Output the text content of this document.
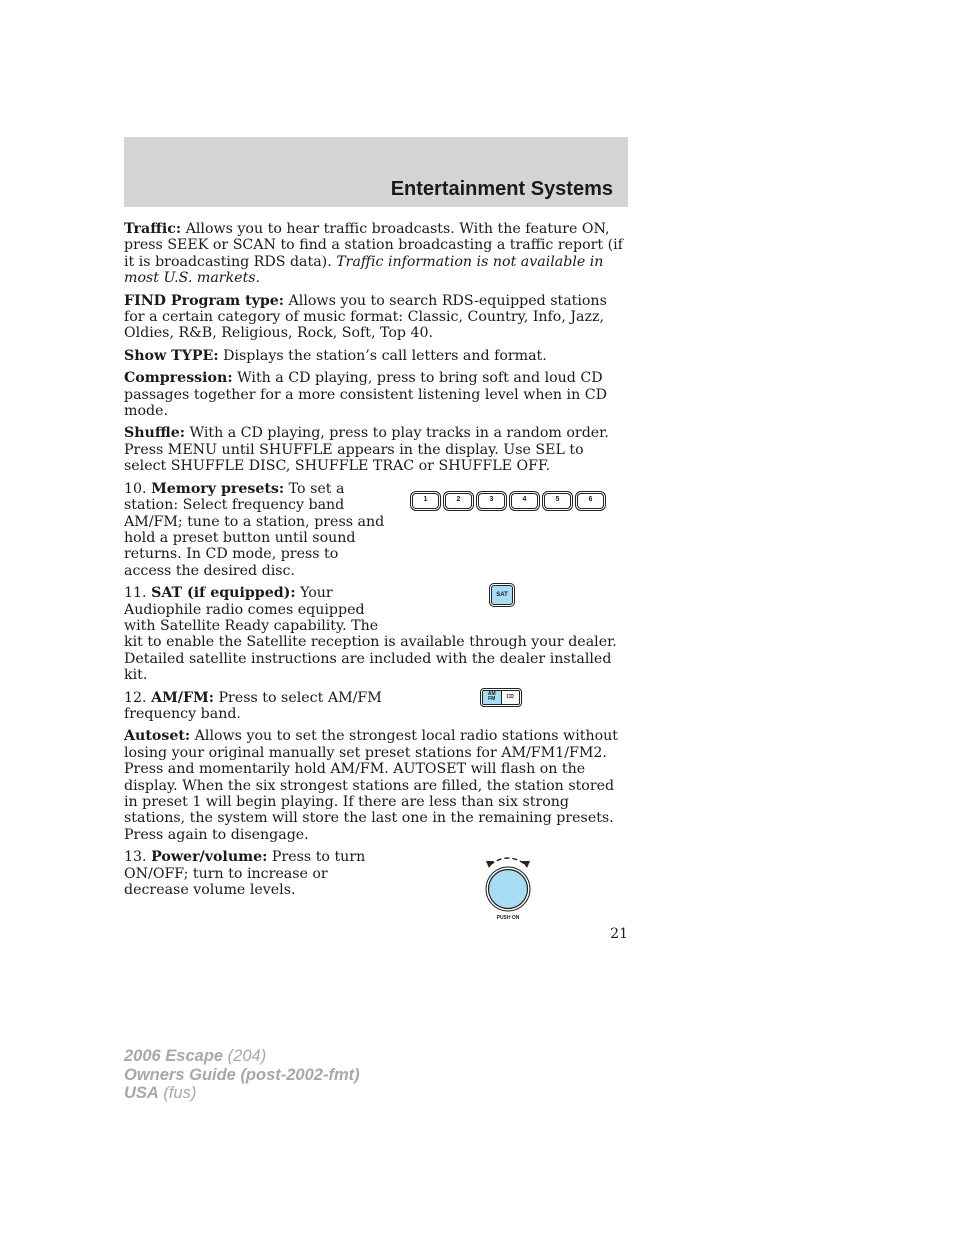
Entertainment Systems

Traffic: Allows you to hear traffic broadcasts. With the feature ON, press SEEK or SCAN to find a station broadcasting a traffic report (if it is broadcasting RDS data). Traffic information is not available in most U.S. markets.

FIND Program type: Allows you to search RDS-equipped stations for a certain category of music format: Classic, Country, Info, Jazz, Oldies, R&B, Religious, Rock, Soft, Top 40.

Show TYPE: Displays the station’s call letters and format.

Compression: With a CD playing, press to bring soft and loud CD passages together for a more consistent listening level when in CD mode.

Shuffle: With a CD playing, press to play tracks in a random order. Press MENU until SHUFFLE appears in the display. Use SEL to select SHUFFLE DISC, SHUFFLE TRAC or SHUFFLE OFF.

1	2	3	4	5	6

10. Memory presets: To set a station: Select frequency band AM/FM; tune to a station, press and hold a preset button until sound returns. In CD mode, press to access the desired disc.

SAT

11. SAT (if equipped): Your Audiophile radio comes equipped with Satellite Ready capability. The kit to enable the Satellite reception is available through your dealer. Detailed satellite instructions are included with the dealer installed kit.

AM
FM	CD

12. AM/FM: Press to select AM/FM frequency band.

Autoset: Allows you to set the strongest local radio stations without losing your original manually set preset stations for AM/FM1/FM2. Press and momentarily hold AM/FM. AUTOSET will flash on the display. When the six strongest stations are filled, the station stored in preset 1 will begin playing. If there are less than six strong stations, the system will store the last one in the remaining presets. Press again to disengage.

PUSH ON

13. Power/volume: Press to turn ON/OFF; turn to increase or decrease volume levels.

21
2006 Escape (204)
Owners Guide (post-2002-fmt)
USA (fus)
